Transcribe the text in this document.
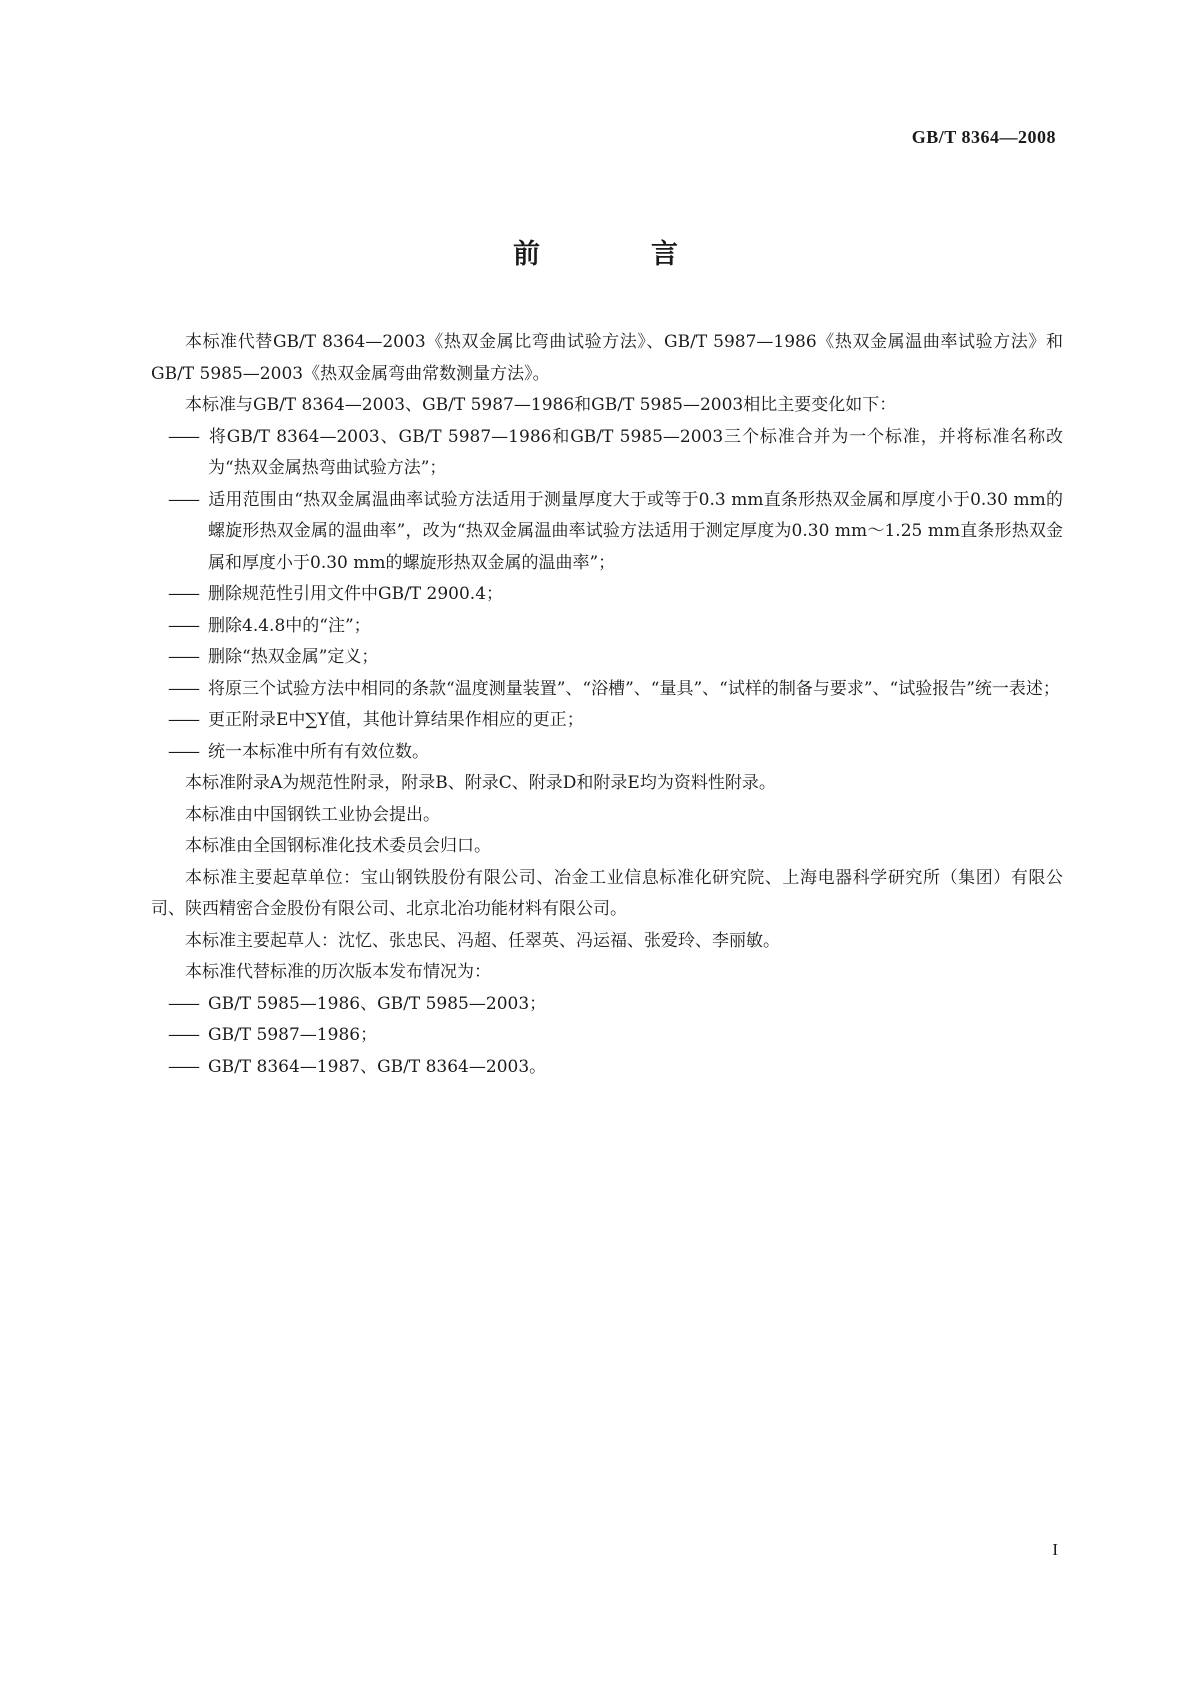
GB/T 8364—2008
前　言

本标准代替GB/T 8364—2003《热双金属比弯曲试验方法》、GB/T 5987—1986《热双金属温曲率试验方法》和GB/T 5985—2003《热双金属弯曲常数测量方法》。

本标准与GB/T 8364—2003、GB/T 5987—1986和GB/T 5985—2003相比主要变化如下：

—— 将GB/T 8364—2003、GB/T 5987—1986和GB/T 5985—2003三个标准合并为一个标准，并将标准名称改为“热双金属热弯曲试验方法”；

—— 适用范围由“热双金属温曲率试验方法适用于测量厚度大于或等于0.3 mm直条形热双金属和厚度小于0.30 mm的螺旋形热双金属的温曲率”，改为“热双金属温曲率试验方法适用于测定厚度为0.30 mm～1.25 mm直条形热双金属和厚度小于0.30 mm的螺旋形热双金属的温曲率”；

—— 删除规范性引用文件中GB/T 2900.4；

—— 删除4.4.8中的“注”；

—— 删除“热双金属”定义；

—— 将原三个试验方法中相同的条款“温度测量装置”、“浴槽”、“量具”、“试样的制备与要求”、“试验报告”统一表述；

—— 更正附录E中∑Y值，其他计算结果作相应的更正；

—— 统一本标准中所有有效位数。

本标准附录A为规范性附录，附录B、附录C、附录D和附录E均为资料性附录。

本标准由中国钢铁工业协会提出。

本标准由全国钢标准化技术委员会归口。

本标准主要起草单位：宝山钢铁股份有限公司、冶金工业信息标准化研究院、上海电器科学研究所（集团）有限公司、陕西精密合金股份有限公司、北京北冶功能材料有限公司。

本标准主要起草人：沈忆、张忠民、冯超、任翠英、冯运福、张爱玲、李丽敏。

本标准代替标准的历次版本发布情况为：

—— GB/T 5985—1986、GB/T 5985—2003；

—— GB/T 5987—1986；

—— GB/T 8364—1987、GB/T 8364—2003。

I
